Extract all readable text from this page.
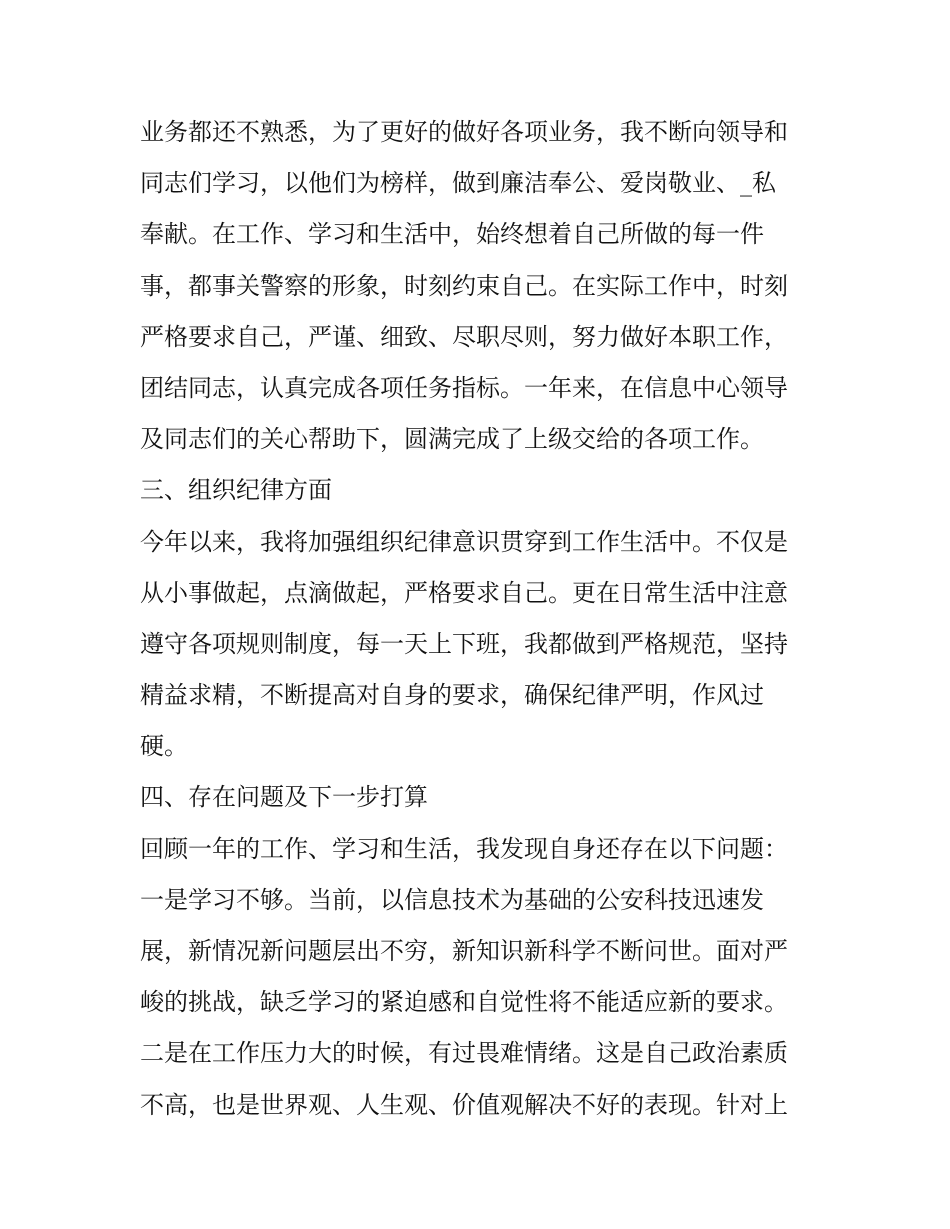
业务都还不熟悉，为了更好的做好各项业务，我不断向领导和
同志们学习，以他们为榜样，做到廉洁奉公、爱岗敬业、_私
奉献。在工作、学习和生活中，始终想着自己所做的每一件
事，都事关警察的形象，时刻约束自己。在实际工作中，时刻
严格要求自己，严谨、细致、尽职尽则，努力做好本职工作，
团结同志，认真完成各项任务指标。一年来，在信息中心领导
及同志们的关心帮助下，圆满完成了上级交给的各项工作。
三、组织纪律方面
今年以来，我将加强组织纪律意识贯穿到工作生活中。不仅是
从小事做起，点滴做起，严格要求自己。更在日常生活中注意
遵守各项规则制度，每一天上下班，我都做到严格规范，坚持
精益求精，不断提高对自身的要求，确保纪律严明，作风过
硬。
四、存在问题及下一步打算
回顾一年的工作、学习和生活，我发现自身还存在以下问题：
一是学习不够。当前，以信息技术为基础的公安科技迅速发
展，新情况新问题层出不穷，新知识新科学不断问世。面对严
峻的挑战，缺乏学习的紧迫感和自觉性将不能适应新的要求。
二是在工作压力大的时候，有过畏难情绪。这是自己政治素质
不高，也是世界观、人生观、价值观解决不好的表现。针对上
